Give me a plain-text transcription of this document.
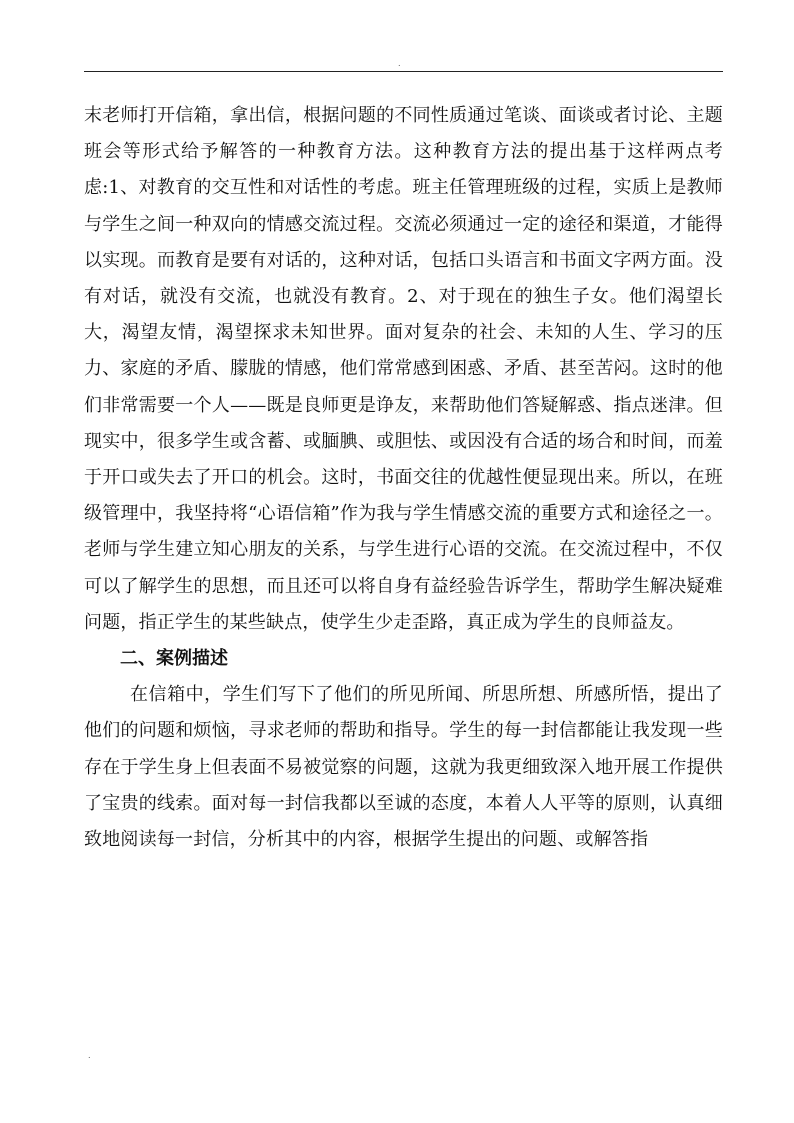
.

末老师打开信箱，拿出信，根据问题的不同性质通过笔谈、面谈或者讨论、主题班会等形式给予解答的一种教育方法。这种教育方法的提出基于这样两点考虑:1、对教育的交互性和对话性的考虑。班主任管理班级的过程，实质上是教师与学生之间一种双向的情感交流过程。交流必须通过一定的途径和渠道，才能得以实现。而教育是要有对话的，这种对话，包括口头语言和书面文字两方面。没有对话，就没有交流，也就没有教育。2、对于现在的独生子女。他们渴望长大，渴望友情，渴望探求未知世界。面对复杂的社会、未知的人生、学习的压力、家庭的矛盾、朦胧的情感，他们常常感到困惑、矛盾、甚至苦闷。这时的他们非常需要一个人——既是良师更是诤友，来帮助他们答疑解惑、指点迷津。但现实中，很多学生或含蓄、或腼腆、或胆怯、或因没有合适的场合和时间，而羞于开口或失去了开口的机会。这时，书面交往的优越性便显现出来。所以，在班级管理中，我坚持将“心语信箱”作为我与学生情感交流的重要方式和途径之一。老师与学生建立知心朋友的关系，与学生进行心语的交流。在交流过程中，不仅可以了解学生的思想，而且还可以将自身有益经验告诉学生，帮助学生解决疑难问题，指正学生的某些缺点，使学生少走歪路，真正成为学生的良师益友。

二、案例描述

在信箱中，学生们写下了他们的所见所闻、所思所想、所感所悟，提出了他们的问题和烦恼，寻求老师的帮助和指导。学生的每一封信都能让我发现一些存在于学生身上但表面不易被觉察的问题，这就为我更细致深入地开展工作提供了宝贵的线索。面对每一封信我都以至诚的态度，本着人人平等的原则，认真细致地阅读每一封信，分析其中的内容，根据学生提出的问题、或解答指

.
